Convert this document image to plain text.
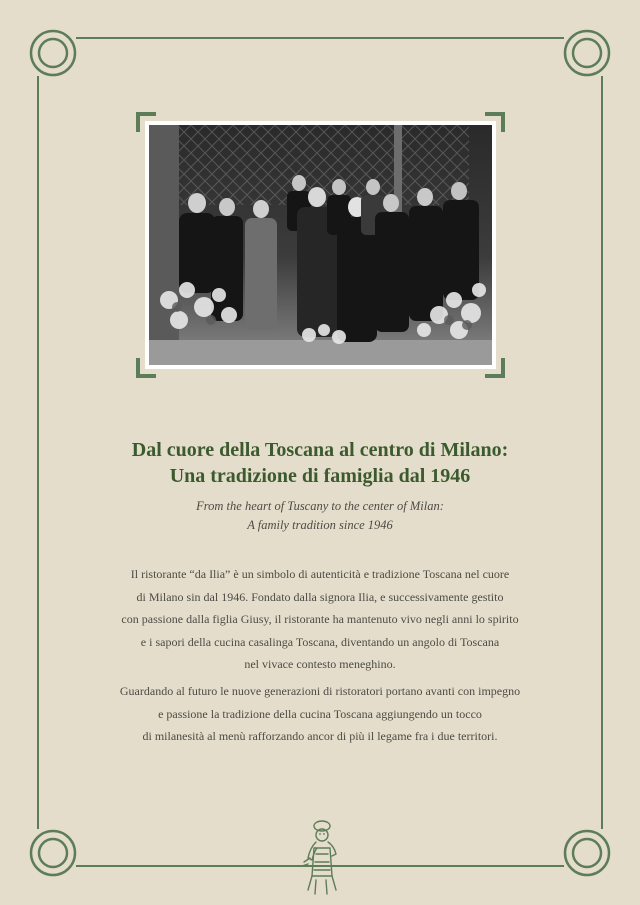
Dal cuore della Toscana al centro di Milano:
Una tradizione di famiglia dal 1946

From the heart of Tuscany to the center of Milan:
A family tradition since 1946

Il ristorante “da Ilia” è un simbolo di autenticità e tradizione Toscana nel cuore
di Milano sin dal 1946. Fondato dalla signora Ilia, e successivamente gestito
con passione dalla figlia Giusy, il ristorante ha mantenuto vivo negli anni lo spirito
e i sapori della cucina casalinga Toscana, diventando un angolo di Toscana
nel vivace contesto meneghino.

Guardando al futuro le nuove generazioni di ristoratori portano avanti con impegno
e passione la tradizione della cucina Toscana aggiungendo un tocco
di milanesità al menù rafforzando ancor di più il legame fra i due territori.
